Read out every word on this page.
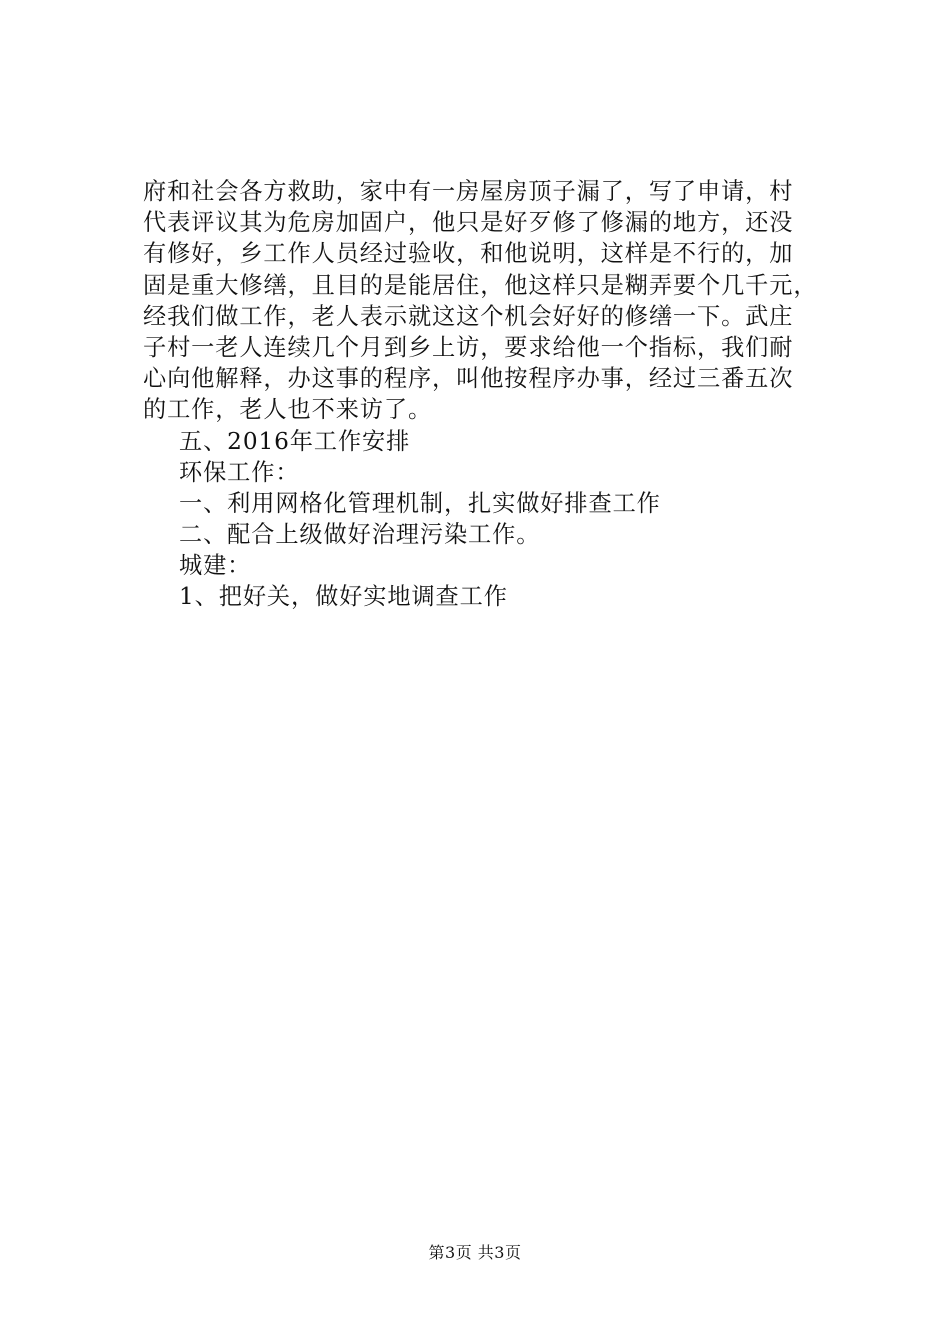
府和社会各方救助，家中有一房屋房顶子漏了，写了申请，村
代表评议其为危房加固户，他只是好歹修了修漏的地方，还没
有修好，乡工作人员经过验收，和他说明，这样是不行的，加
固是重大修缮，且目的是能居住，他这样只是糊弄要个几千元，
经我们做工作，老人表示就这这个机会好好的修缮一下。武庄
子村一老人连续几个月到乡上访，要求给他一个指标，我们耐
心向他解释，办这事的程序，叫他按程序办事，经过三番五次
的工作，老人也不来访了。
五、2016年工作安排
环保工作：
一、利用网格化管理机制，扎实做好排查工作
二、配合上级做好治理污染工作。
城建：
1、把好关，做好实地调查工作
第3页 共3页
